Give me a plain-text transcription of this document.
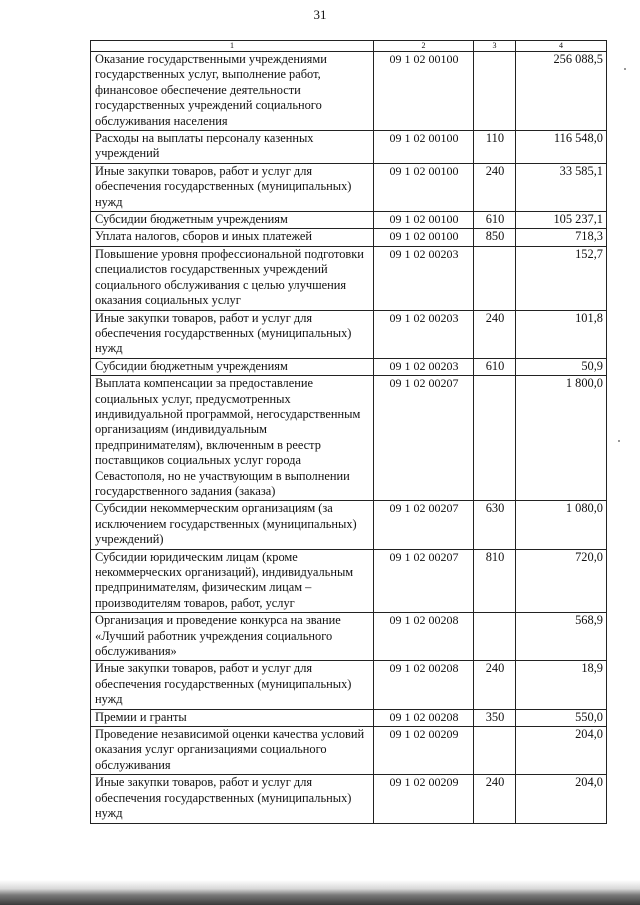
31
1	2	3	4
Оказание государственными учреждениями государственных услуг, выполнение работ, финансовое обеспечение деятельности государственных учреждений социального обслуживания населения	09 1 02 00100		256 088,5
Расходы на выплаты персоналу казенных учреждений	09 1 02 00100	110	116 548,0
Иные закупки товаров, работ и услуг для обеспечения государственных (муниципальных) нужд	09 1 02 00100	240	33 585,1
Субсидии бюджетным учреждениям	09 1 02 00100	610	105 237,1
Уплата налогов, сборов и иных платежей	09 1 02 00100	850	718,3
Повышение уровня профессиональной подготовки специалистов государственных учреждений социального обслуживания с целью улучшения оказания социальных услуг	09 1 02 00203		152,7
Иные закупки товаров, работ и услуг для обеспечения государственных (муниципальных) нужд	09 1 02 00203	240	101,8
Субсидии бюджетным учреждениям	09 1 02 00203	610	50,9
Выплата компенсации за предоставление социальных услуг, предусмотренных индивидуальной программой, негосударственным организациям (индивидуальным предпринимателям), включенным в реестр поставщиков социальных услуг города Севастополя, но не участвующим в выполнении государственного задания (заказа)	09 1 02 00207		1 800,0
Субсидии некоммерческим организациям (за исключением государственных (муниципальных) учреждений)	09 1 02 00207	630	1 080,0
Субсидии юридическим лицам (кроме некоммерческих организаций), индивидуальным предпринимателям, физическим лицам – производителям товаров, работ, услуг	09 1 02 00207	810	720,0
Организация и проведение конкурса на звание «Лучший работник учреждения социального обслуживания»	09 1 02 00208		568,9
Иные закупки товаров, работ и услуг для обеспечения государственных (муниципальных) нужд	09 1 02 00208	240	18,9
Премии и гранты	09 1 02 00208	350	550,0
Проведение независимой оценки качества условий оказания услуг организациями социального обслуживания	09 1 02 00209		204,0
Иные закупки товаров, работ и услуг для обеспечения государственных (муниципальных) нужд	09 1 02 00209	240	204,0
